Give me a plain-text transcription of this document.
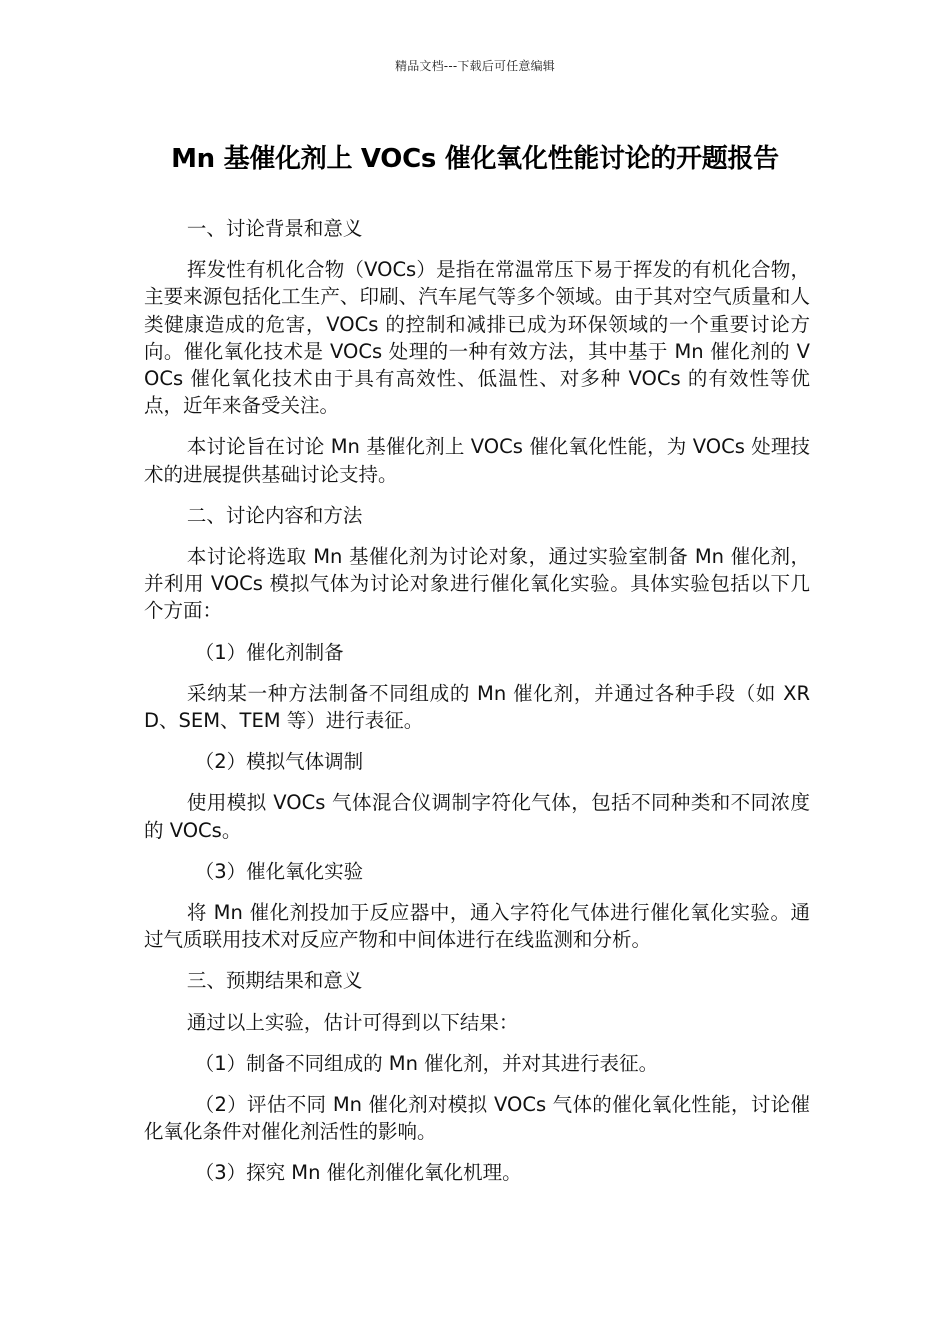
精品文档---下载后可任意编辑
Mn 基催化剂上 VOCs 催化氧化性能讨论的开题报告

一、讨论背景和意义

挥发性有机化合物（VOCs）是指在常温常压下易于挥发的有机化合物，主要来源包括化工生产、印刷、汽车尾气等多个领域。由于其对空气质量和人类健康造成的危害，VOCs 的控制和减排已成为环保领域的一个重要讨论方向。催化氧化技术是 VOCs 处理的一种有效方法，其中基于 Mn 催化剂的 VOCs 催化氧化技术由于具有高效性、低温性、对多种 VOCs 的有效性等优点，近年来备受关注。

本讨论旨在讨论 Mn 基催化剂上 VOCs 催化氧化性能，为 VOCs 处理技术的进展提供基础讨论支持。

二、讨论内容和方法

本讨论将选取 Mn 基催化剂为讨论对象，通过实验室制备 Mn 催化剂，并利用 VOCs 模拟气体为讨论对象进行催化氧化实验。具体实验包括以下几个方面：

（1）催化剂制备

采纳某一种方法制备不同组成的 Mn 催化剂，并通过各种手段（如 XRD、SEM、TEM 等）进行表征。

（2）模拟气体调制

使用模拟 VOCs 气体混合仪调制字符化气体，包括不同种类和不同浓度的 VOCs。

（3）催化氧化实验

将 Mn 催化剂投加于反应器中，通入字符化气体进行催化氧化实验。通过气质联用技术对反应产物和中间体进行在线监测和分析。

三、预期结果和意义

通过以上实验，估计可得到以下结果：

（1）制备不同组成的 Mn 催化剂，并对其进行表征。

（2）评估不同 Mn 催化剂对模拟 VOCs 气体的催化氧化性能，讨论催化氧化条件对催化剂活性的影响。

（3）探究 Mn 催化剂催化氧化机理。
